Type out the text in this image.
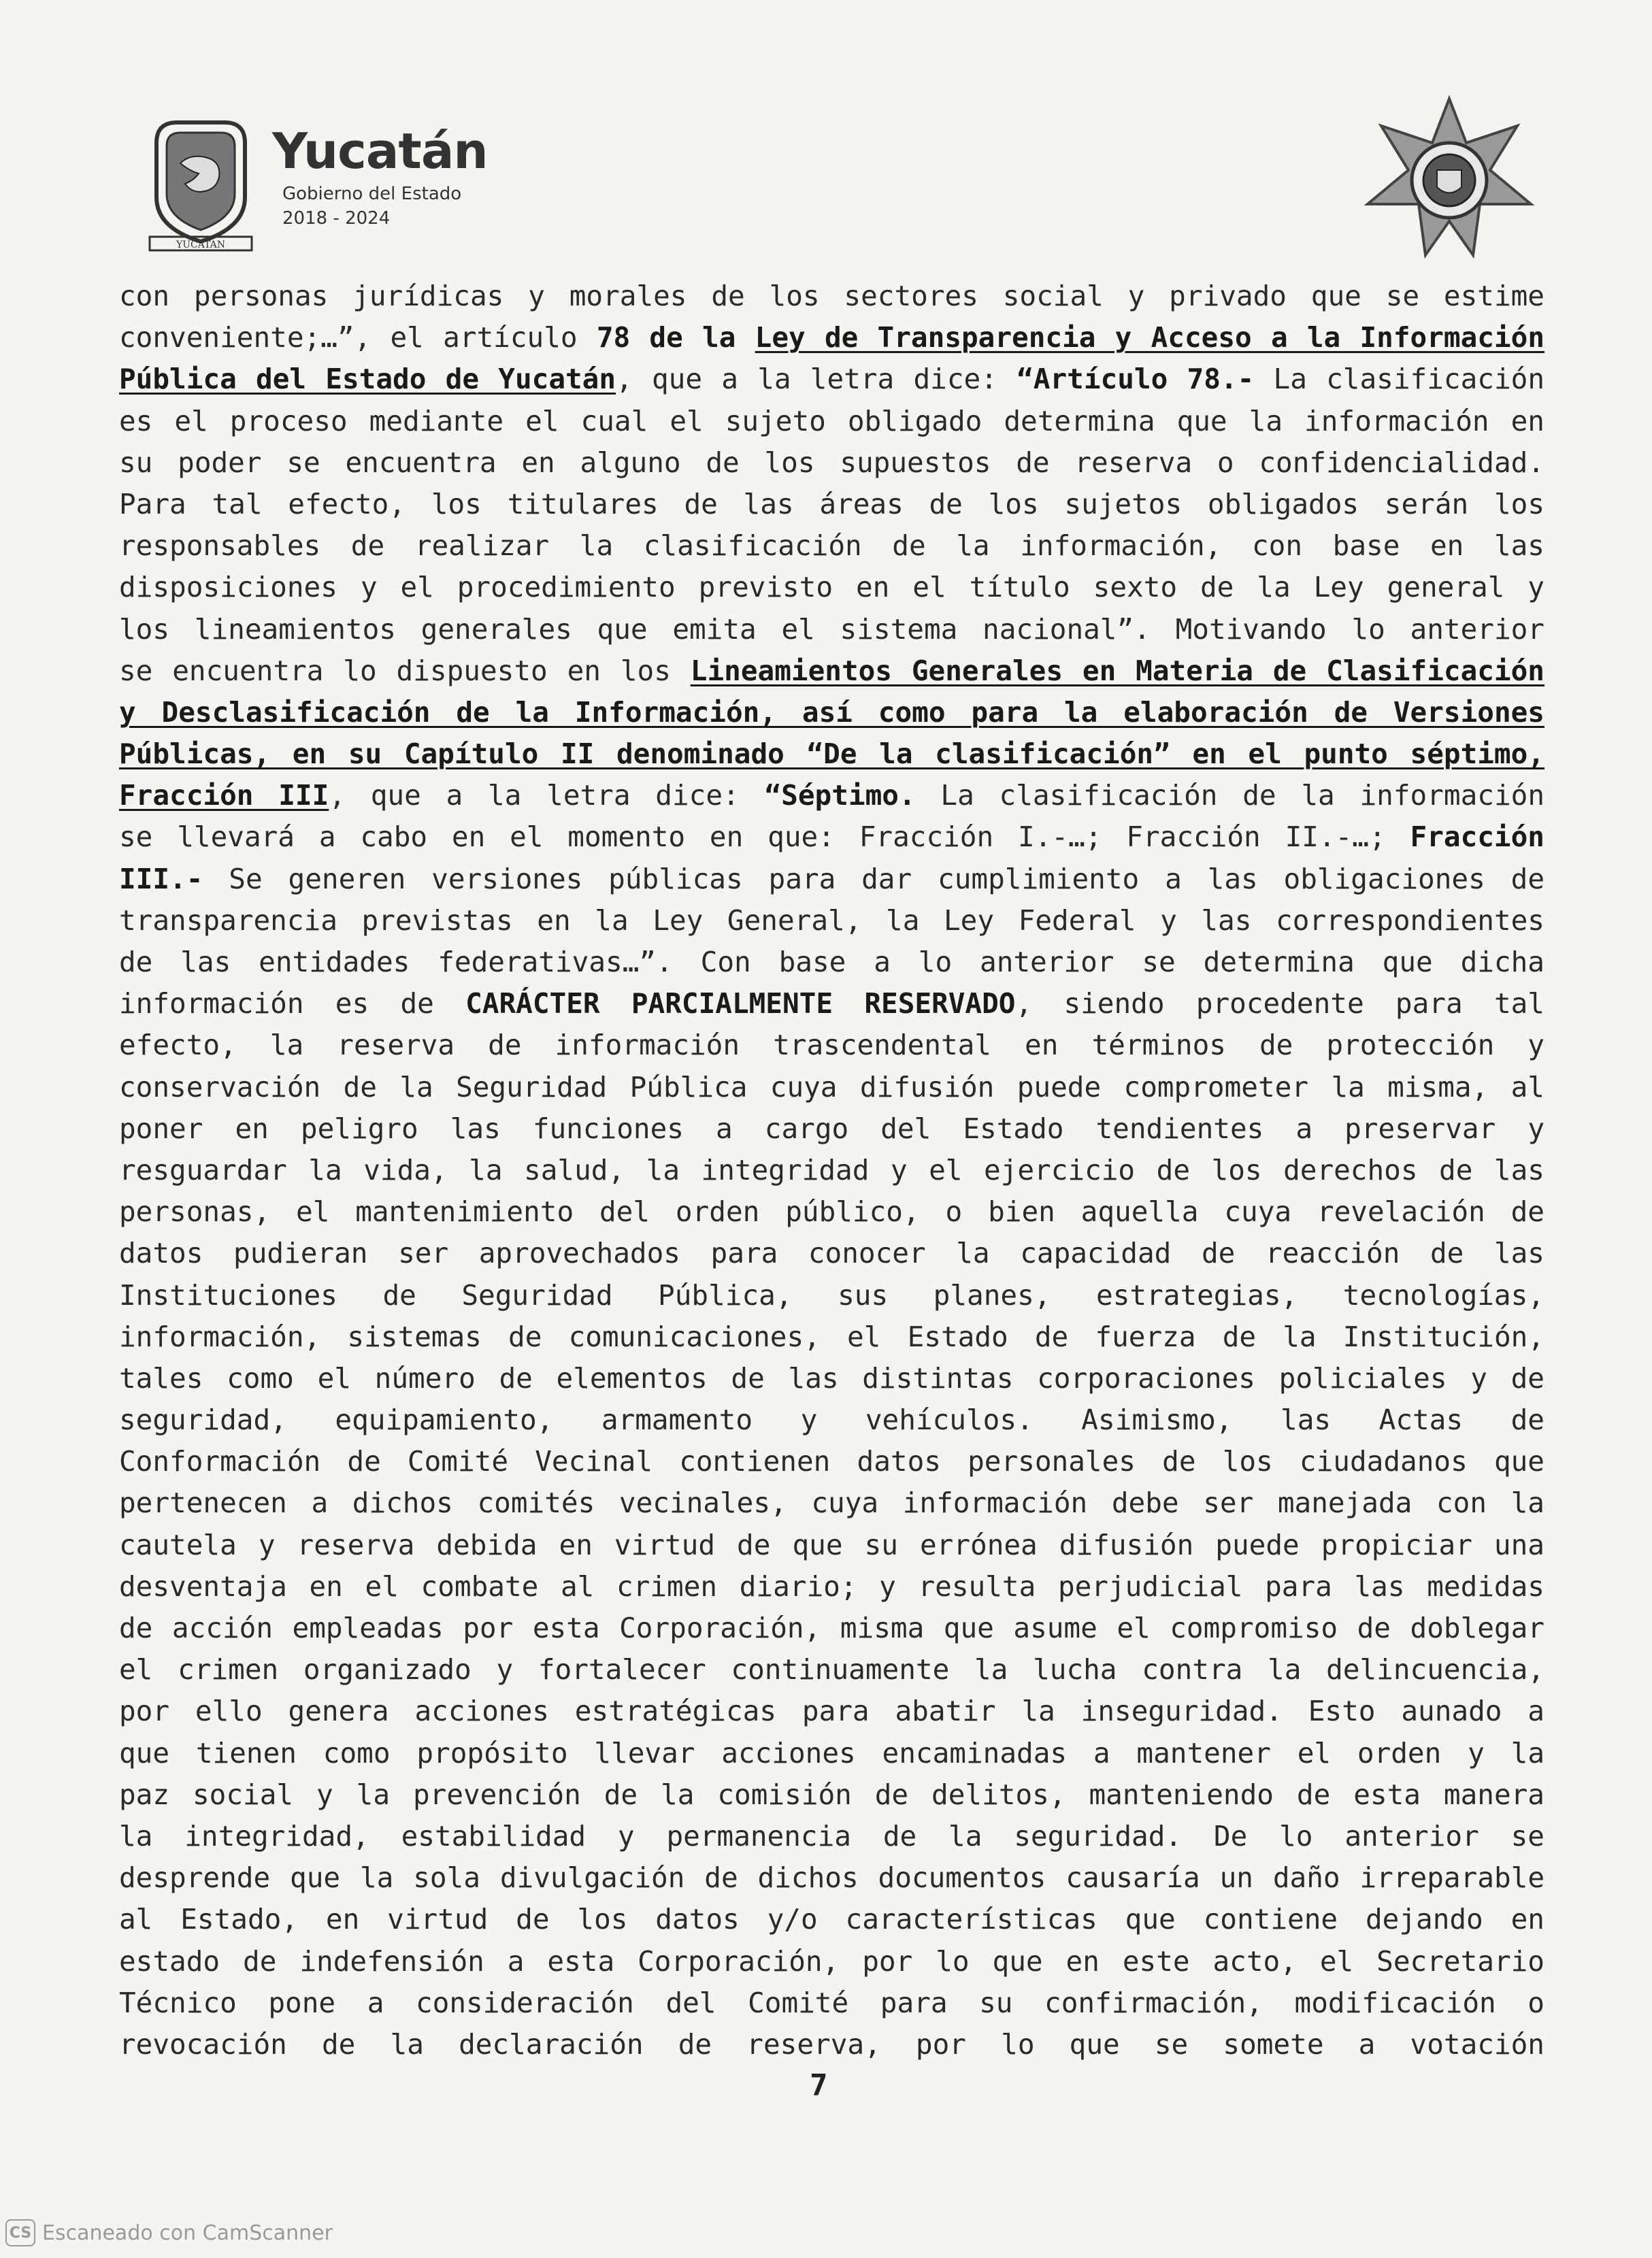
YUCATAN
Yucatán
Gobierno del Estado
2018 - 2024
con personas jurídicas y morales de los sectores social y privado que se estime
conveniente;…”, el artículo 78 de la Ley de Transparencia y Acceso a la Información
Pública del Estado de Yucatán, que a la letra dice: “Artículo 78.- La clasificación
es el proceso mediante el cual el sujeto obligado determina que la información en
su poder se encuentra en alguno de los supuestos de reserva o confidencialidad.
Para tal efecto, los titulares de las áreas de los sujetos obligados serán los
responsables de realizar la clasificación de la información, con base en las
disposiciones y el procedimiento previsto en el título sexto de la Ley general y
los lineamientos generales que emita el sistema nacional”. Motivando lo anterior
se encuentra lo dispuesto en los Lineamientos Generales en Materia de Clasificación
y Desclasificación de la Información, así como para la elaboración de Versiones
Públicas, en su Capítulo II denominado “De la clasificación” en el punto séptimo,
Fracción III, que a la letra dice: “Séptimo. La clasificación de la información
se llevará a cabo en el momento en que: Fracción I.-…; Fracción II.-…; Fracción
III.- Se generen versiones públicas para dar cumplimiento a las obligaciones de
transparencia previstas en la Ley General, la Ley Federal y las correspondientes
de las entidades federativas…”. Con base a lo anterior se determina que dicha
información es de CARÁCTER PARCIALMENTE RESERVADO, siendo procedente para tal
efecto, la reserva de información trascendental en términos de protección y
conservación de la Seguridad Pública cuya difusión puede comprometer la misma, al
poner en peligro las funciones a cargo del Estado tendientes a preservar y
resguardar la vida, la salud, la integridad y el ejercicio de los derechos de las
personas, el mantenimiento del orden público, o bien aquella cuya revelación de
datos pudieran ser aprovechados para conocer la capacidad de reacción de las
Instituciones de Seguridad Pública, sus planes, estrategias, tecnologías,
información, sistemas de comunicaciones, el Estado de fuerza de la Institución,
tales como el número de elementos de las distintas corporaciones policiales y de
seguridad, equipamiento, armamento y vehículos. Asimismo, las Actas de
Conformación de Comité Vecinal contienen datos personales de los ciudadanos que
pertenecen a dichos comités vecinales, cuya información debe ser manejada con la
cautela y reserva debida en virtud de que su errónea difusión puede propiciar una
desventaja en el combate al crimen diario; y resulta perjudicial para las medidas
de acción empleadas por esta Corporación, misma que asume el compromiso de doblegar
el crimen organizado y fortalecer continuamente la lucha contra la delincuencia,
por ello genera acciones estratégicas para abatir la inseguridad. Esto aunado a
que tienen como propósito llevar acciones encaminadas a mantener el orden y la
paz social y la prevención de la comisión de delitos, manteniendo de esta manera
la integridad, estabilidad y permanencia de la seguridad. De lo anterior se
desprende que la sola divulgación de dichos documentos causaría un daño irreparable
al Estado, en virtud de los datos y/o características que contiene dejando en
estado de indefensión a esta Corporación, por lo que en este acto, el Secretario
Técnico pone a consideración del Comité para su confirmación, modificación o
revocación de la declaración de reserva, por lo que se somete a votación
7
CS Escaneado con CamScanner
